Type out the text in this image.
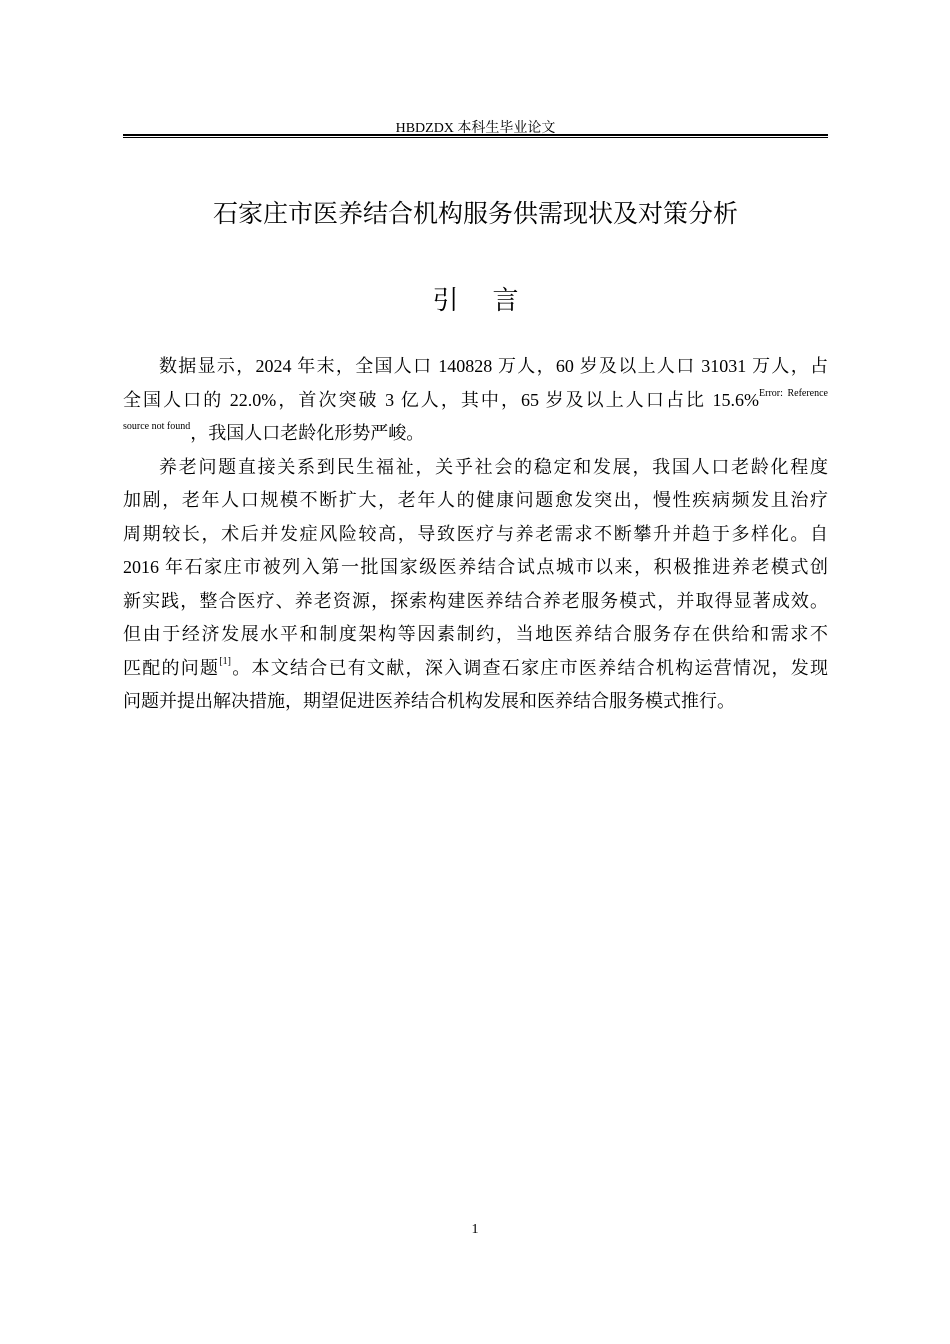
HBDZDX 本科生毕业论文
石家庄市医养结合机构服务供需现状及对策分析
引言
数据显示，2024 年末，全国人口 140828 万人，60 岁及以上人口 31031 万人，占
全国人口的 22.0%，首次突破 3 亿人，其中，65 岁及以上人口占比 15.6%$^{Error: Reference}$
$^{source not found}$，我国人口老龄化形势严峻。
养老问题直接关系到民生福祉，关乎社会的稳定和发展，我国人口老龄化程度
加剧，老年人口规模不断扩大，老年人的健康问题愈发突出，慢性疾病频发且治疗
周期较长，术后并发症风险较高，导致医疗与养老需求不断攀升并趋于多样化。自
2016 年石家庄市被列入第一批国家级医养结合试点城市以来，积极推进养老模式创
新实践，整合医疗、养老资源，探索构建医养结合养老服务模式，并取得显著成效。
但由于经济发展水平和制度架构等因素制约，当地医养结合服务存在供给和需求不
匹配的问题[1]。本文结合已有文献，深入调查石家庄市医养结合机构运营情况，发现
问题并提出解决措施，期望促进医养结合机构发展和医养结合服务模式推行。
1
